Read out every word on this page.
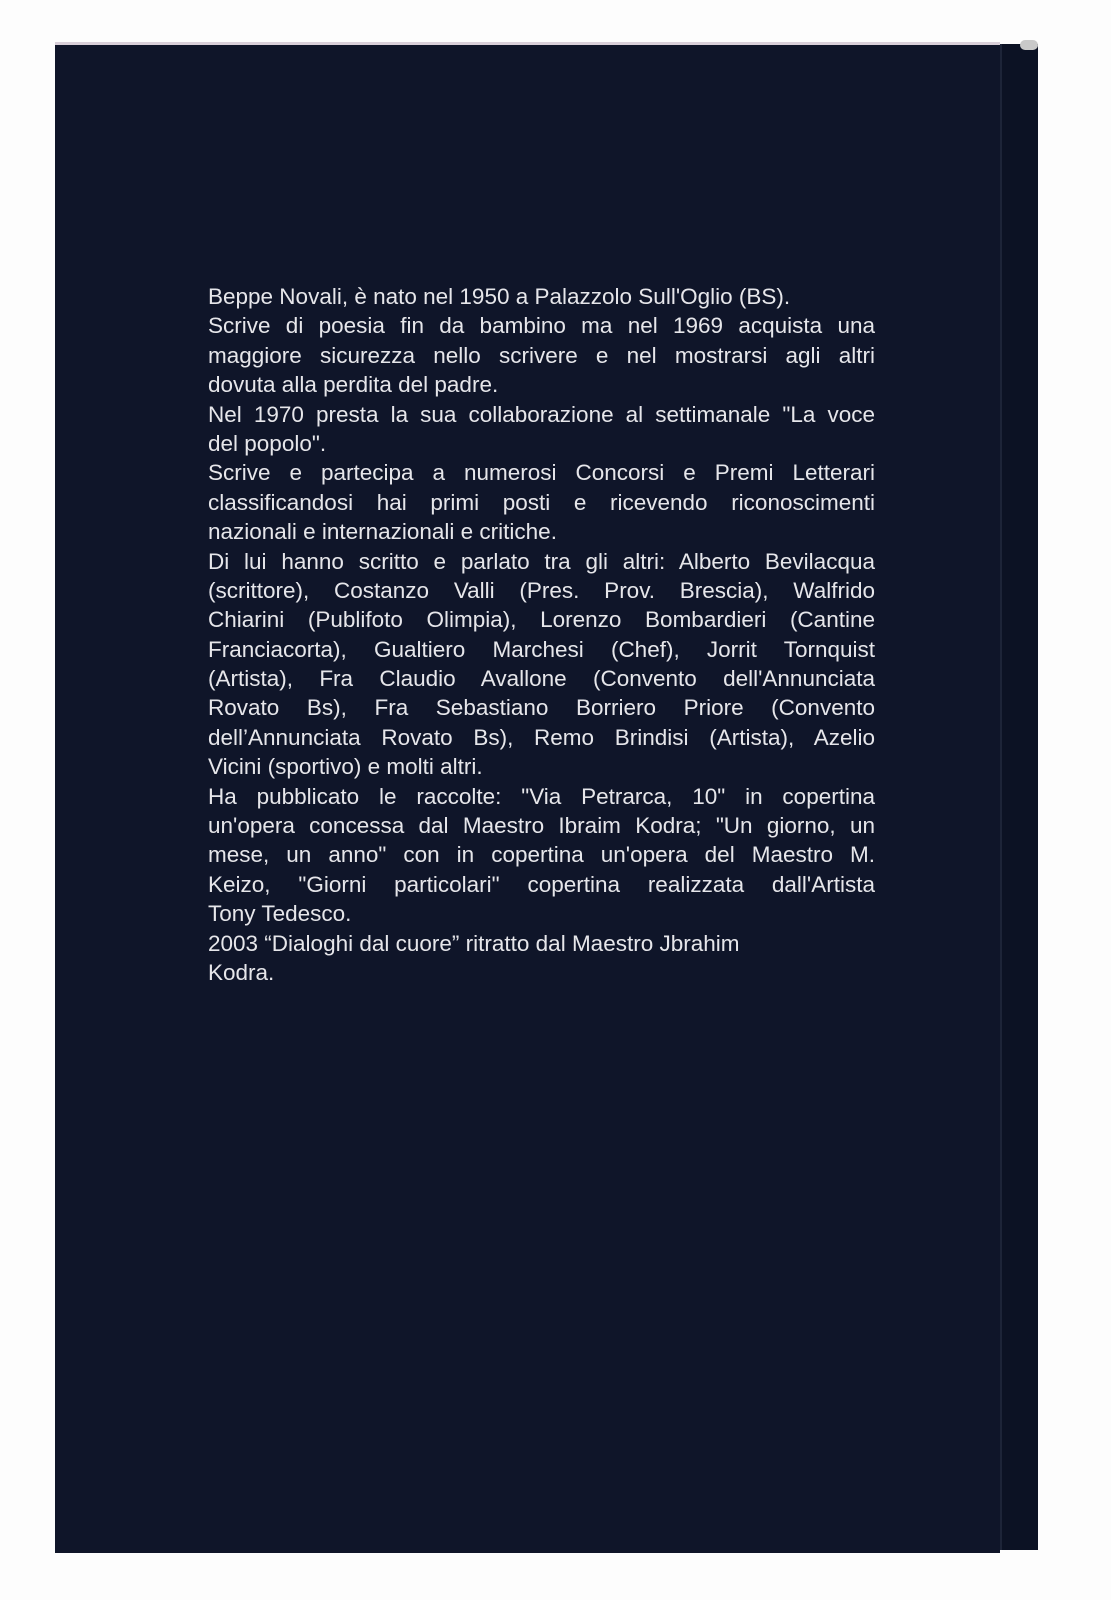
Beppe Novali, è nato nel 1950 a Palazzolo Sull'Oglio (BS).
Scrive di poesia fin da bambino ma nel 1969 acquista una
maggiore sicurezza nello scrivere e nel mostrarsi agli altri
dovuta alla perdita del padre.
Nel 1970 presta la sua collaborazione al settimanale "La voce
del popolo".
Scrive e partecipa a numerosi Concorsi e Premi Letterari
classificandosi hai primi posti e ricevendo riconoscimenti
nazionali e internazionali e critiche.
Di lui hanno scritto e parlato tra gli altri: Alberto Bevilacqua
(scrittore), Costanzo Valli (Pres. Prov. Brescia), Walfrido
Chiarini (Publifoto Olimpia), Lorenzo Bombardieri (Cantine
Franciacorta), Gualtiero Marchesi (Chef), Jorrit Tornquist
(Artista), Fra Claudio Avallone (Convento dell'Annunciata
Rovato Bs), Fra Sebastiano Borriero Priore (Convento
dell’Annunciata Rovato Bs), Remo Brindisi (Artista), Azelio
Vicini (sportivo) e molti altri.
Ha pubblicato le raccolte: "Via Petrarca, 10" in copertina
un'opera concessa dal Maestro Ibraim Kodra; "Un giorno, un
mese, un anno" con in copertina un'opera del Maestro M.
Keizo, "Giorni particolari" copertina realizzata dall'Artista
Tony Tedesco.
2003 “Dialoghi dal cuore” ritratto dal Maestro Jbrahim
Kodra.
